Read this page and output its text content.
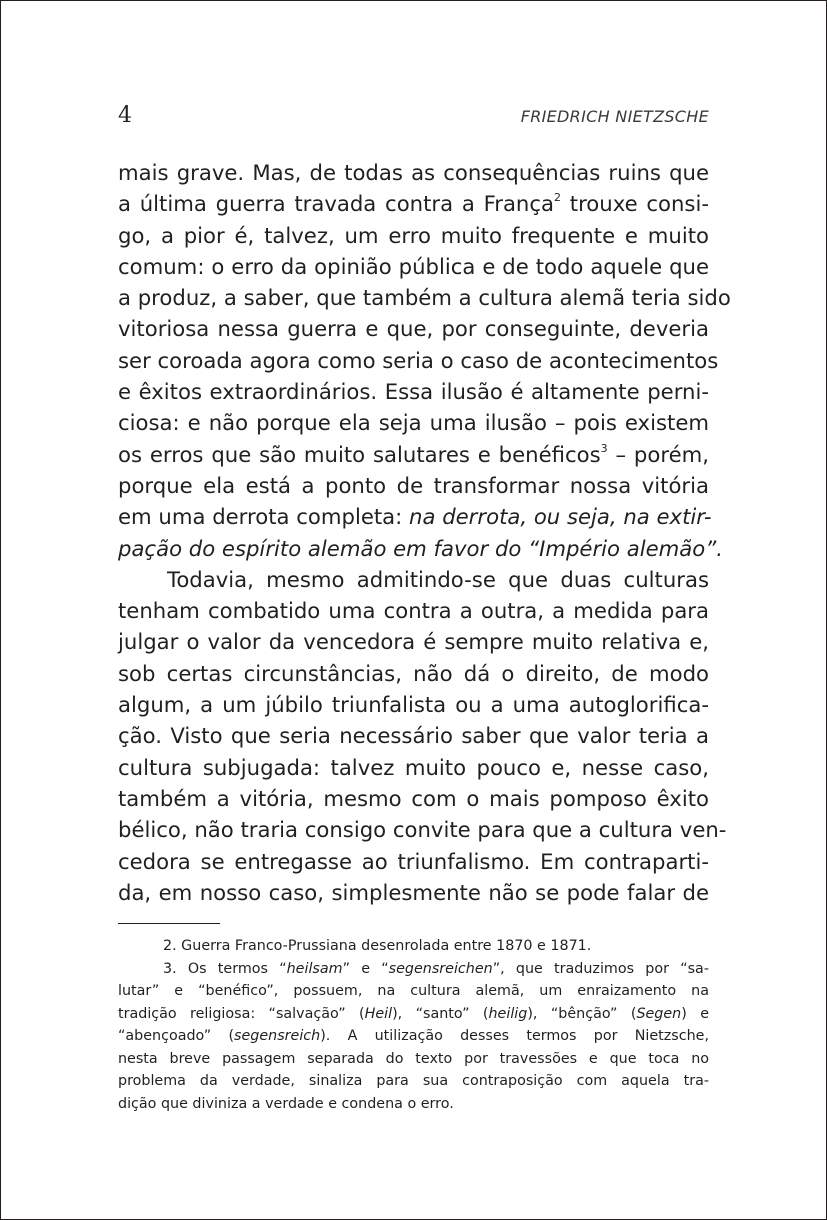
4	FRIEDRICH NIETZSCHE
mais grave. Mas, de todas as consequências ruins que
a última guerra travada contra a França$^2$ trouxe consi-
go, a pior é, talvez, um erro muito frequente e muito
comum: o erro da opinião pública e de todo aquele que
a produz, a saber, que também a cultura alemã teria sido
vitoriosa nessa guerra e que, por conseguinte, deveria
ser coroada agora como seria o caso de acontecimentos
e êxitos extraordinários. Essa ilusão é altamente perni-
ciosa: e não porque ela seja uma ilusão – pois existem
os erros que são muito salutares e benéficos$^3$ – porém,
porque ela está a ponto de transformar nossa vitória
em uma derrota completa: na derrota, ou seja, na extir-
pação do espírito alemão em favor do “Império alemão”.
Todavia, mesmo admitindo-se que duas culturas
tenham combatido uma contra a outra, a medida para
julgar o valor da vencedora é sempre muito relativa e,
sob certas circunstâncias, não dá o direito, de modo
algum, a um júbilo triunfalista ou a uma autoglorifica-
ção. Visto que seria necessário saber que valor teria a
cultura subjugada: talvez muito pouco e, nesse caso,
também a vitória, mesmo com o mais pomposo êxito
bélico, não traria consigo convite para que a cultura ven-
cedora se entregasse ao triunfalismo. Em contraparti-
da, em nosso caso, simplesmente não se pode falar de
2. Guerra Franco-Prussiana desenrolada entre 1870 e 1871.
3. Os termos “heilsam” e “segensreichen”, que traduzimos por “sa-
lutar” e “benéfico”, possuem, na cultura alemã, um enraizamento na
tradição religiosa: “salvação” (Heil), “santo” (heilig), “bênção” (Segen) e
“abençoado” (segensreich). A utilização desses termos por Nietzsche,
nesta breve passagem separada do texto por travessões e que toca no
problema da verdade, sinaliza para sua contraposição com aquela tra-
dição que diviniza a verdade e condena o erro.
